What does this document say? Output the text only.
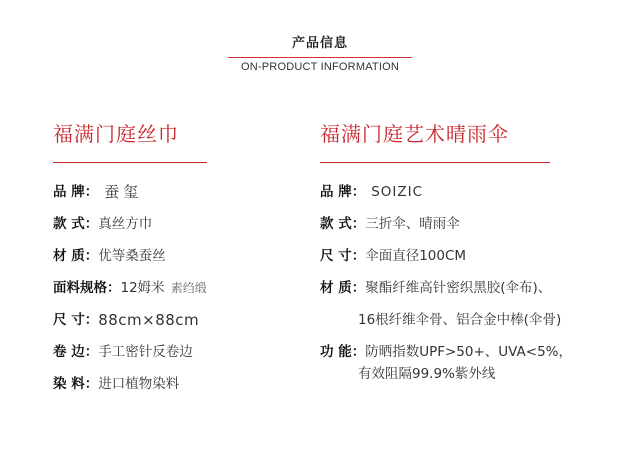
产品信息
ON-PRODUCT INFORMATION
福满门庭丝巾
品 牌： 蚕玺
款 式： 真丝方巾
材 质： 优等桑蚕丝
面料规格： 12姆米 素绉缎
尺 寸： 88cm×88cm
卷 边： 手工密针反卷边
染 料： 进口植物染料
福满门庭艺术晴雨伞
品 牌： SOIZIC
款 式： 三折伞、晴雨伞
尺 寸： 伞面直径100CM
材 质： 聚酯纤维高针密织黑胶(伞布)、
16根纤维伞骨、铝合金中棒(伞骨)
功 能： 防晒指数UPF>50+、UVA<5%，
有效阻隔99.9%紫外线
